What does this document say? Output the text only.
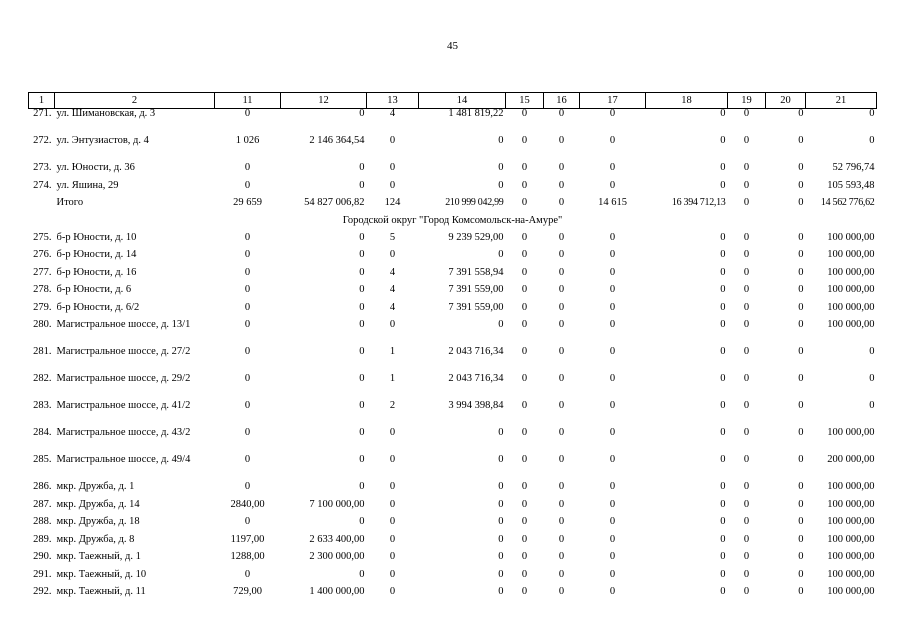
45
1	2	11	12	13	14	15	16	17	18	19	20	21
271.	ул. Шимановская, д. 3	0	0	4	1 481 819,22	0	0	0	0	0	0	0
272.	ул. Энтузиастов, д. 4	1 026	2 146 364,54	0	0	0	0	0	0	0	0	0
273.	ул. Юности, д. 36	0	0	0	0	0	0	0	0	0	0	52 796,74
274.	ул. Яшина, 29	0	0	0	0	0	0	0	0	0	0	105 593,48
	Итого	29 659	54 827 006,82	124	210 999 042,99	0	0	14 615	16 394 712,13	0	0	14 562 776,62
Городской округ "Город Комсомольск-на-Амуре"												
275.	б-р Юности, д. 10	0	0	5	9 239 529,00	0	0	0	0	0	0	100 000,00
276.	б-р Юности, д. 14	0	0	0	0	0	0	0	0	0	0	100 000,00
277.	б-р Юности, д. 16	0	0	4	7 391 558,94	0	0	0	0	0	0	100 000,00
278.	б-р Юности, д. 6	0	0	4	7 391 559,00	0	0	0	0	0	0	100 000,00
279.	б-р Юности, д. 6/2	0	0	4	7 391 559,00	0	0	0	0	0	0	100 000,00
280.	Магистральное шоссе, д. 13/1	0	0	0	0	0	0	0	0	0	0	100 000,00
281.	Магистральное шоссе, д. 27/2	0	0	1	2 043 716,34	0	0	0	0	0	0	0
282.	Магистральное шоссе, д. 29/2	0	0	1	2 043 716,34	0	0	0	0	0	0	0
283.	Магистральное шоссе, д. 41/2	0	0	2	3 994 398,84	0	0	0	0	0	0	0
284.	Магистральное шоссе, д. 43/2	0	0	0	0	0	0	0	0	0	0	100 000,00
285.	Магистральное шоссе, д. 49/4	0	0	0	0	0	0	0	0	0	0	200 000,00
286.	мкр. Дружба, д. 1	0	0	0	0	0	0	0	0	0	0	100 000,00
287.	мкр. Дружба, д. 14	2840,00	7 100 000,00	0	0	0	0	0	0	0	0	100 000,00
288.	мкр. Дружба, д. 18	0	0	0	0	0	0	0	0	0	0	100 000,00
289.	мкр. Дружба, д. 8	1197,00	2 633 400,00	0	0	0	0	0	0	0	0	100 000,00
290.	мкр. Таежный, д. 1	1288,00	2 300 000,00	0	0	0	0	0	0	0	0	100 000,00
291.	мкр. Таежный, д. 10	0	0	0	0	0	0	0	0	0	0	100 000,00
292.	мкр. Таежный, д. 11	729,00	1 400 000,00	0	0	0	0	0	0	0	0	100 000,00
